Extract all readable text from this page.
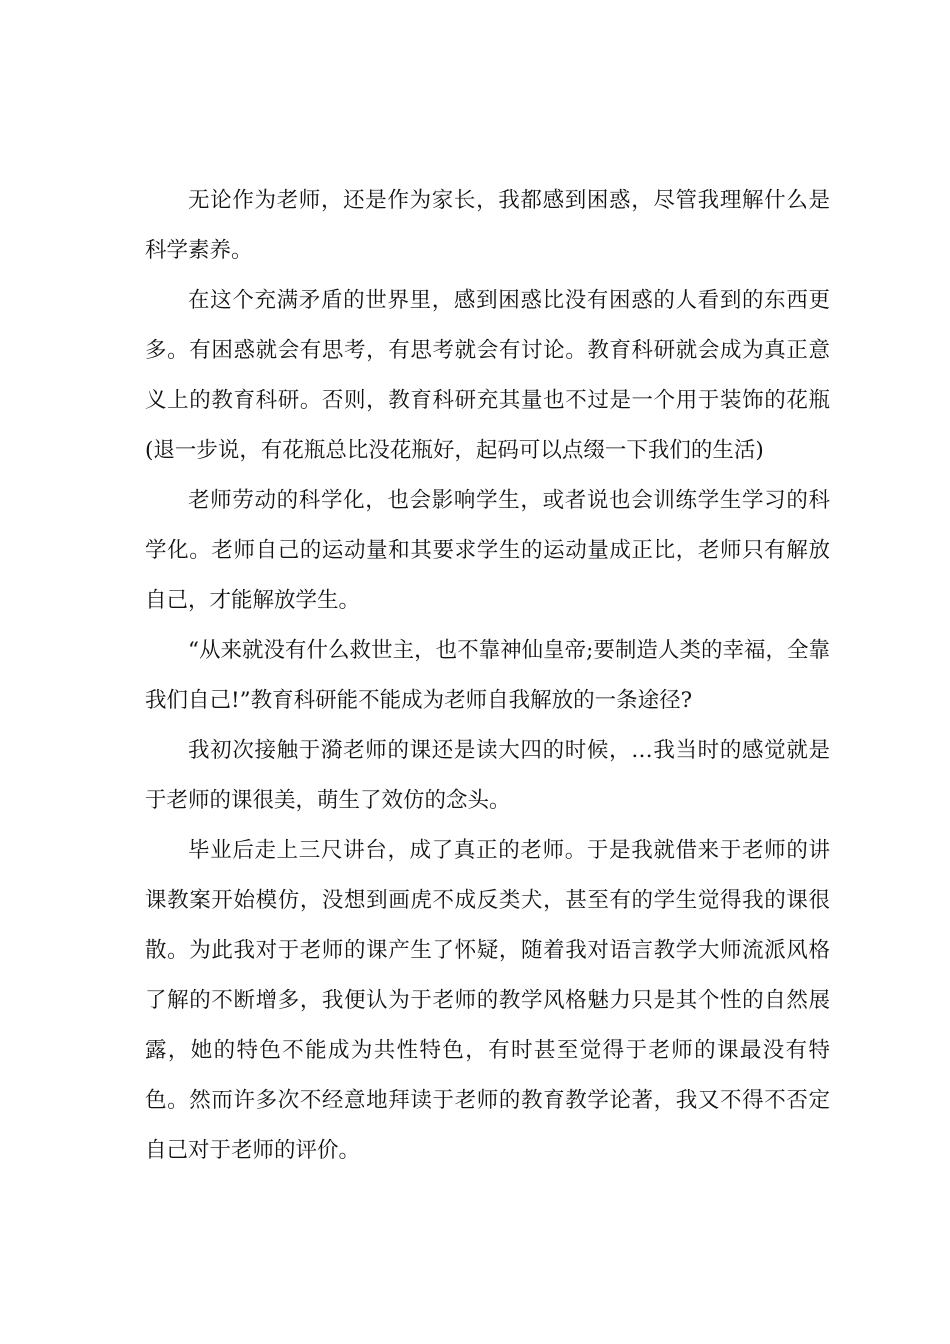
无论作为老师，还是作为家长，我都感到困惑，尽管我理解什么是科学素养。

在这个充满矛盾的世界里，感到困惑比没有困惑的人看到的东西更多。有困惑就会有思考，有思考就会有讨论。教育科研就会成为真正意义上的教育科研。否则，教育科研充其量也不过是一个用于装饰的花瓶(退一步说，有花瓶总比没花瓶好，起码可以点缀一下我们的生活)

老师劳动的科学化，也会影响学生，或者说也会训练学生学习的科学化。老师自己的运动量和其要求学生的运动量成正比，老师只有解放自己，才能解放学生。

“从来就没有什么救世主，也不靠神仙皇帝;要制造人类的幸福，全靠我们自己!”教育科研能不能成为老师自我解放的一条途径?

我初次接触于漪老师的课还是读大四的时候，…我当时的感觉就是于老师的课很美，萌生了效仿的念头。

毕业后走上三尺讲台，成了真正的老师。于是我就借来于老师的讲课教案开始模仿，没想到画虎不成反类犬，甚至有的学生觉得我的课很散。为此我对于老师的课产生了怀疑，随着我对语言教学大师流派风格了解的不断增多，我便认为于老师的教学风格魅力只是其个性的自然展露，她的特色不能成为共性特色，有时甚至觉得于老师的课最没有特色。然而许多次不经意地拜读于老师的教育教学论著，我又不得不否定自己对于老师的评价。
